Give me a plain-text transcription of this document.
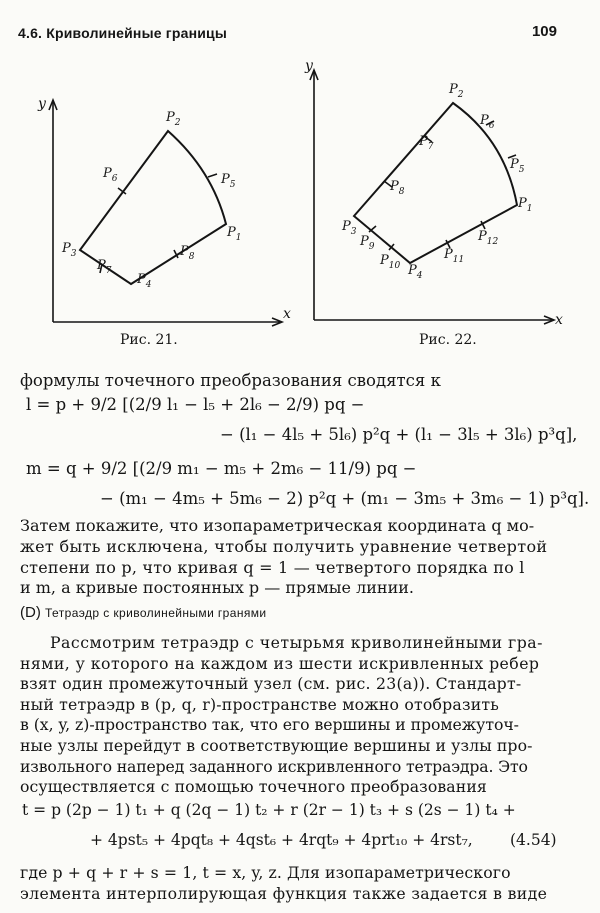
4.6. Криволинейные границы	109
y
x
$P_2$
$P_6$	$P_5$
$P_1$
$P_3$	$P_8$
$P_7$
$P_4$
Рис. 21.
y
x
$P_2$
$P_6$
$P_7$
$P_5$
$P_8$
$P_1$
$P_3$	$P_{12}$
$P_9$	$P_{11}$
$P_{10}$ $P_4$
Рис. 22.
формулы точечного преобразования сводятся к
l = p + 9/2 [(2/9 l₁ − l₅ + 2l₆ − 2/9) pq −
− (l₁ − 4l₅ + 5l₆) p²q + (l₁ − 3l₅ + 3l₆) p³q],
m = q + 9/2 [(2/9 m₁ − m₅ + 2m₆ − 11/9) pq −
− (m₁ − 4m₅ + 5m₆ − 2) p²q + (m₁ − 3m₅ + 3m₆ − 1) p³q].
Затем покажите, что изопараметрическая координата q мо-
жет быть исключена, чтобы получить уравнение четвертой
степени по p, что кривая q = 1 — четвертого порядка по l
и m, а кривые постоянных p — прямые линии.
(D) Тетраэдр с криволинейными гранями
Рассмотрим тетраэдр с четырьмя криволинейными гра-
нями, у которого на каждом из шести искривленных ребер
взят один промежуточный узел (см. рис. 23(a)). Стандарт-
ный тетраэдр в (p, q, r)-пространстве можно отобразить
в (x, y, z)-пространство так, что его вершины и промежуточ-
ные узлы перейдут в соответствующие вершины и узлы про-
извольного наперед заданного искривленного тетраэдра. Это
осуществляется с помощью точечного преобразования
t = p (2p − 1) t₁ + q (2q − 1) t₂ + r (2r − 1) t₃ + s (2s − 1) t₄ +
+ 4pst₅ + 4pqt₈ + 4qst₆ + 4rqt₉ + 4prt₁₀ + 4rst₇, (4.54)
где p + q + r + s = 1, t = x, y, z. Для изопараметрического
элемента интерполирующая функция также задается в виде
